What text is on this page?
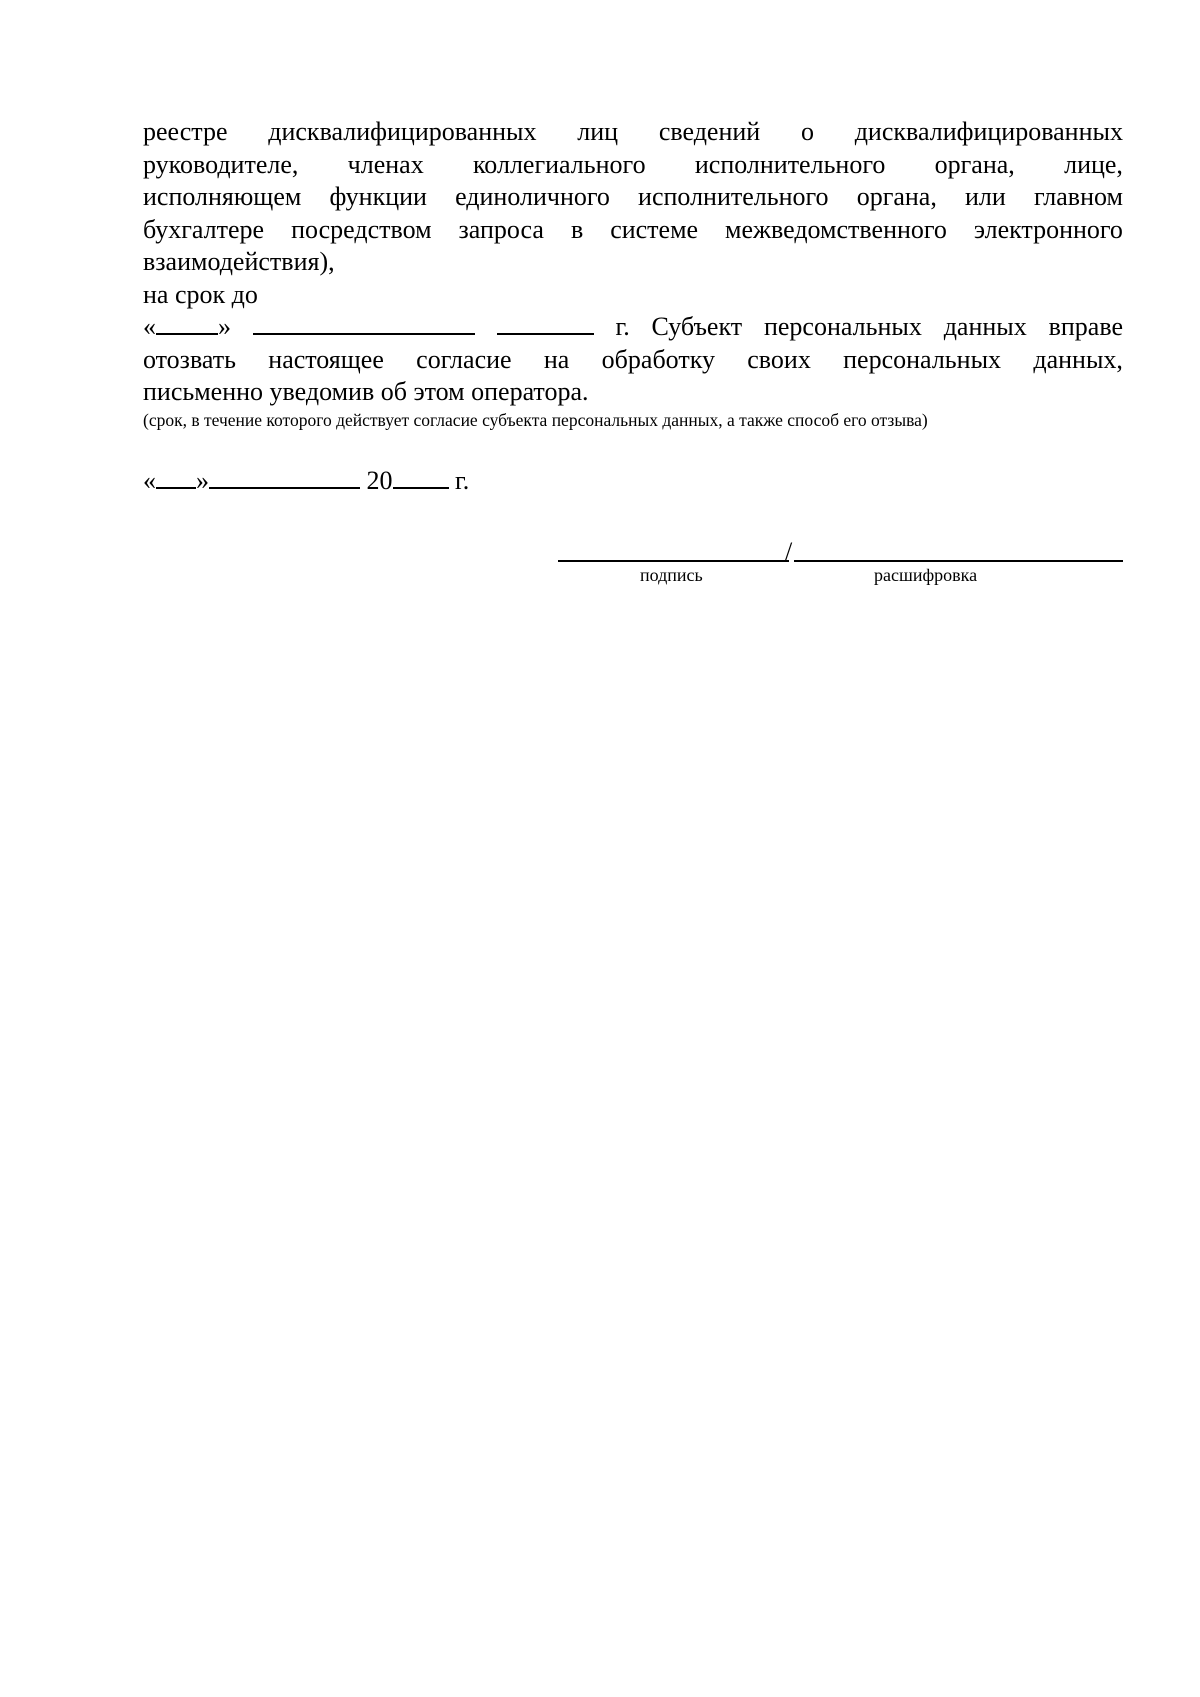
реестре дисквалифицированных лиц сведений о дисквалифицированных
руководителе, членах коллегиального исполнительного органа, лице,
исполняющем функции единоличного исполнительного органа, или главном
бухгалтере посредством запроса в системе межведомственного электронного
взаимодействия),
на срок до
« »	г. Субъект персональных данных вправе
отозвать настоящее согласие на обработку своих персональных данных,
письменно уведомив об этом оператора.
(срок, в течение которого действует согласие субъекта персональных данных, а также способ его отзыва)
« »	20 г.
/
подпись	расшифровка
